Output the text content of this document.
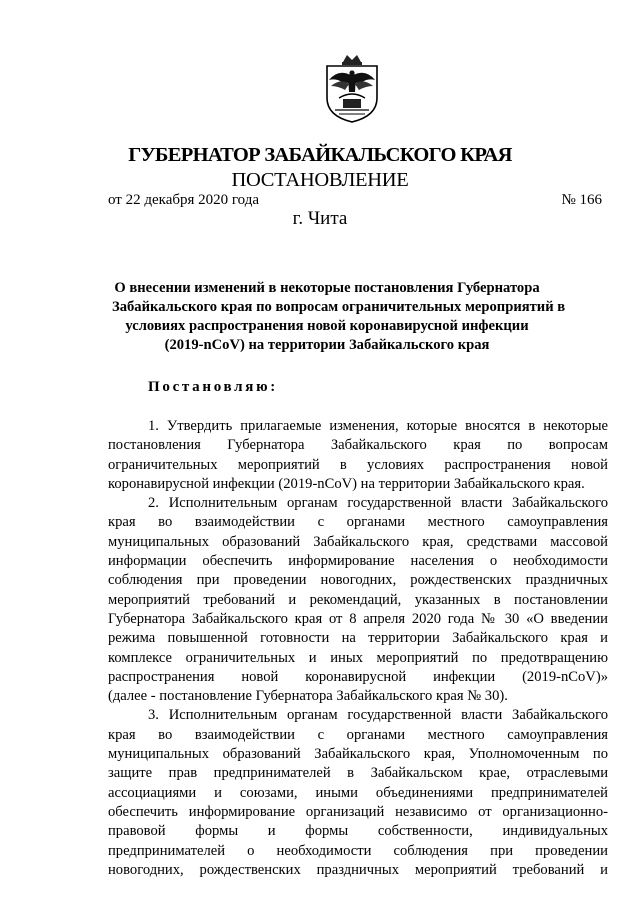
ГУБЕРНАТОР ЗАБАЙКАЛЬСКОГО КРАЯ
ПОСТАНОВЛЕНИЕ
от 22 декабря 2020 года	№ 166
г. Чита
О внесении изменений в некоторые постановления Губернатора
Забайкальского края по вопросам ограничительных мероприятий в
условиях распространения новой коронавирусной инфекции
(2019-nCoV) на территории Забайкальского края
Постановляю:
1. Утвердить прилагаемые изменения, которые вносятся в некоторые
постановления Губернатора Забайкальского края по вопросам
ограничительных мероприятий в условиях распространения новой
коронавирусной инфекции (2019-nCoV) на территории Забайкальского края.
2. Исполнительным органам государственной власти Забайкальского
края во взаимодействии с органами местного самоуправления
муниципальных образований Забайкальского края, средствами массовой
информации обеспечить информирование населения о необходимости
соблюдения при проведении новогодних, рождественских праздничных
мероприятий требований и рекомендаций, указанных в постановлении
Губернатора Забайкальского края от 8 апреля 2020 года № 30 «О введении
режима повышенной готовности на территории Забайкальского края и
комплексе ограничительных и иных мероприятий по предотвращению
распространения новой коронавирусной инфекции (2019-nCoV)»
(далее - постановление Губернатора Забайкальского края № 30).
3. Исполнительным органам государственной власти Забайкальского
края во взаимодействии с органами местного самоуправления
муниципальных образований Забайкальского края, Уполномоченным по
защите прав предпринимателей в Забайкальском крае, отраслевыми
ассоциациями и союзами, иными объединениями предпринимателей
обеспечить информирование организаций независимо от организационно-
правовой формы и формы собственности, индивидуальных
предпринимателей о необходимости соблюдения при проведении
новогодних, рождественских праздничных мероприятий требований и
